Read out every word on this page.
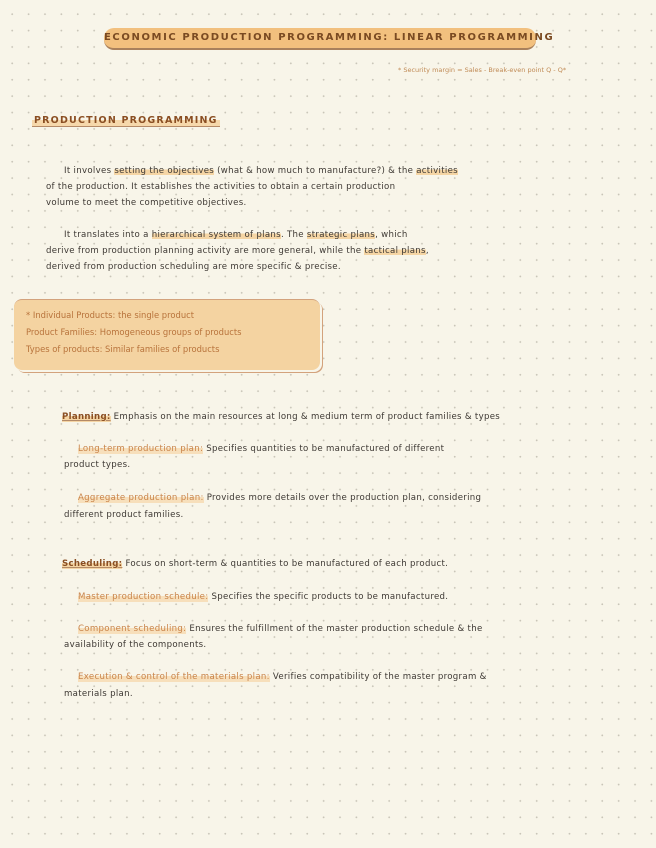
ECONOMIC PRODUCTION PROGRAMMING: LINEAR PROGRAMMING
* Security margin = Sales - Break-even point Q - Q*
PRODUCTION PROGRAMMING
It involves setting the objectives (what & how much to manufacture?) & the activities
of the production. It establishes the activities to obtain a certain production
volume to meet the competitive objectives.
It translates into a hierarchical system of plans. The strategic plans, which
derive from production planning activity are more general, while the tactical plans,
derived from production scheduling are more specific & precise.
* Individual Products: the single product
Product Families: Homogeneous groups of products
Types of products: Similar families of products
Planning: Emphasis on the main resources at long & medium term of product families & types
Long-term production plan: Specifies quantities to be manufactured of different
product types.
Aggregate production plan: Provides more details over the production plan, considering
different product families.
Scheduling: Focus on short-term & quantities to be manufactured of each product.
Master production schedule: Specifies the specific products to be manufactured.
Component scheduling: Ensures the fulfillment of the master production schedule & the
availability of the components.
Execution & control of the materials plan: Verifies compatibility of the master program &
materials plan.
